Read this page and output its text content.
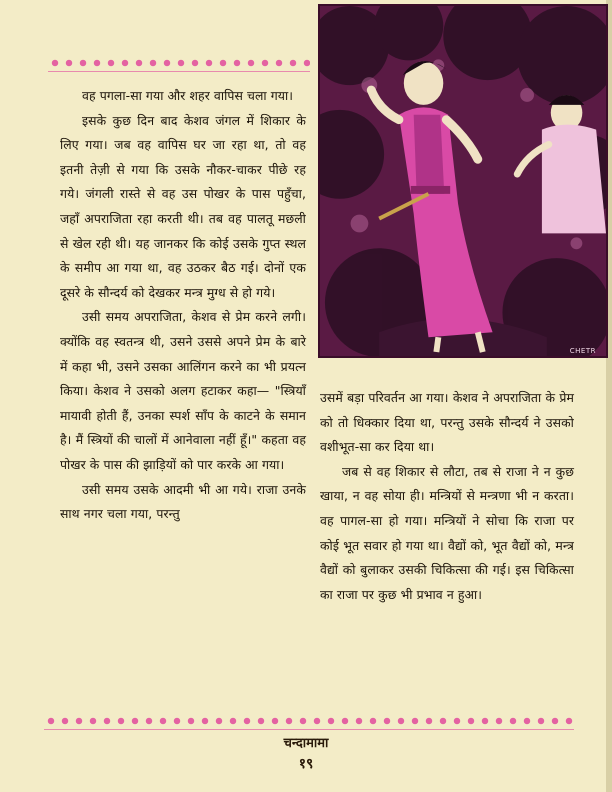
CHETR

वह पगला-सा गया और शहर वापिस चला गया।

इसके कुछ दिन बाद केशव जंगल में शिकार के लिए गया। जब वह वापिस घर जा रहा था, तो वह इतनी तेज़ी से गया कि उसके नौकर-चाकर पीछे रह गये। जंगली रास्ते से वह उस पोखर के पास पहुँचा, जहाँ अपराजिता रहा करती थी। तब वह पालतू मछली से खेल रही थी। यह जानकर कि कोई उसके गुप्त स्थल के समीप आ गया था, वह उठकर बैठ गई। दोनों एक दूसरे के सौन्दर्य को देखकर मन्त्र मुग्ध से हो गये।

उसी समय अपराजिता, केशव से प्रेम करने लगी। क्योंकि वह स्वतन्त्र थी, उसने उससे अपने प्रेम के बारे में कहा भी, उसने उसका आलिंगन करने का भी प्रयत्न किया। केशव ने उसको अलग हटाकर कहा— "स्त्रियाँ मायावी होती हैं, उनका स्पर्श साँप के काटने के समान है। मैं स्त्रियों की चालों में आनेवाला नहीं हूँ।" कहता वह पोखर के पास की झाड़ियों को पार करके आ गया।

उसी समय उसके आदमी भी आ गये। राजा उनके साथ नगर चला गया, परन्तु

उसमें बड़ा परिवर्तन आ गया। केशव ने अपराजिता के प्रेम को तो धिक्कार दिया था, परन्तु उसके सौन्दर्य ने उसको वशीभूत-सा कर दिया था।

जब से वह शिकार से लौटा, तब से राजा ने न कुछ खाया, न वह सोया ही। मन्त्रियों से मन्त्रणा भी न करता। वह पागल-सा हो गया। मन्त्रियों ने सोचा कि राजा पर कोई भूत सवार हो गया था। वैद्यों को, भूत वैद्यों को, मन्त्र वैद्यों को बुलाकर उसकी चिकित्सा की गई। इस चिकित्सा का राजा पर कुछ भी प्रभाव न हुआ।

चन्दामामा
१९
